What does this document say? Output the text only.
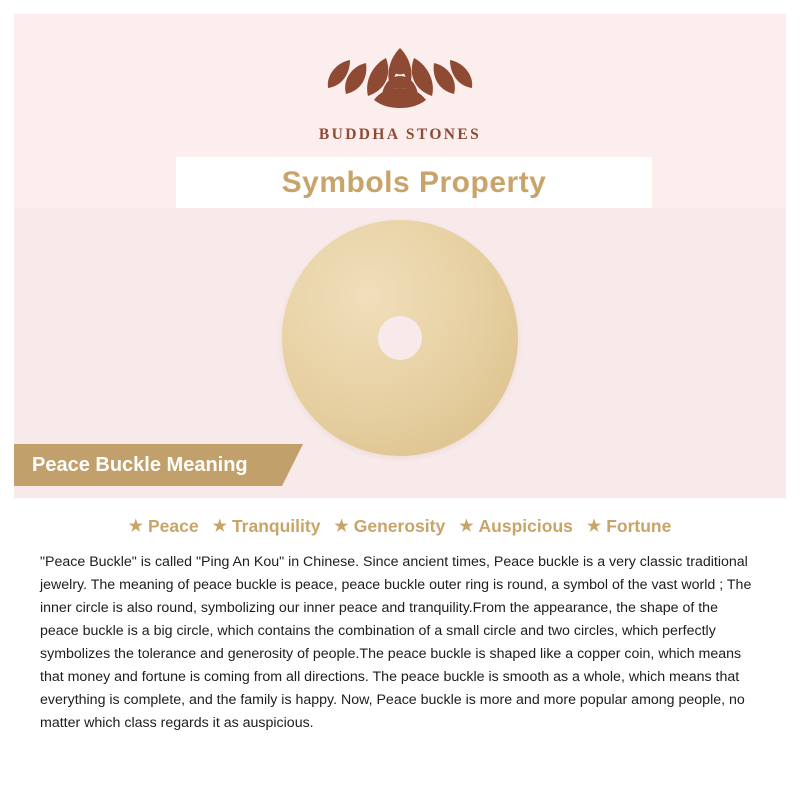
BUDDHA STONES
Symbols Property
Peace Buckle Meaning
★ Peace ★ Tranquility ★ Generosity ★ Auspicious ★ Fortune

"Peace Buckle" is called "Ping An Kou" in Chinese. Since ancient times, Peace buckle is a very classic traditional jewelry. The meaning of peace buckle is peace, peace buckle outer ring is round, a symbol of the vast world ; The inner circle is also round, symbolizing our inner peace and tranquility.From the appearance, the shape of the peace buckle is a big circle, which contains the combination of a small circle and two circles, which perfectly symbolizes the tolerance and generosity of people.The peace buckle is shaped like a copper coin, which means that money and fortune is coming from all directions. The peace buckle is smooth as a whole, which means that everything is complete, and the family is happy. Now, Peace buckle is more and more popular among people, no matter which class regards it as auspicious.
